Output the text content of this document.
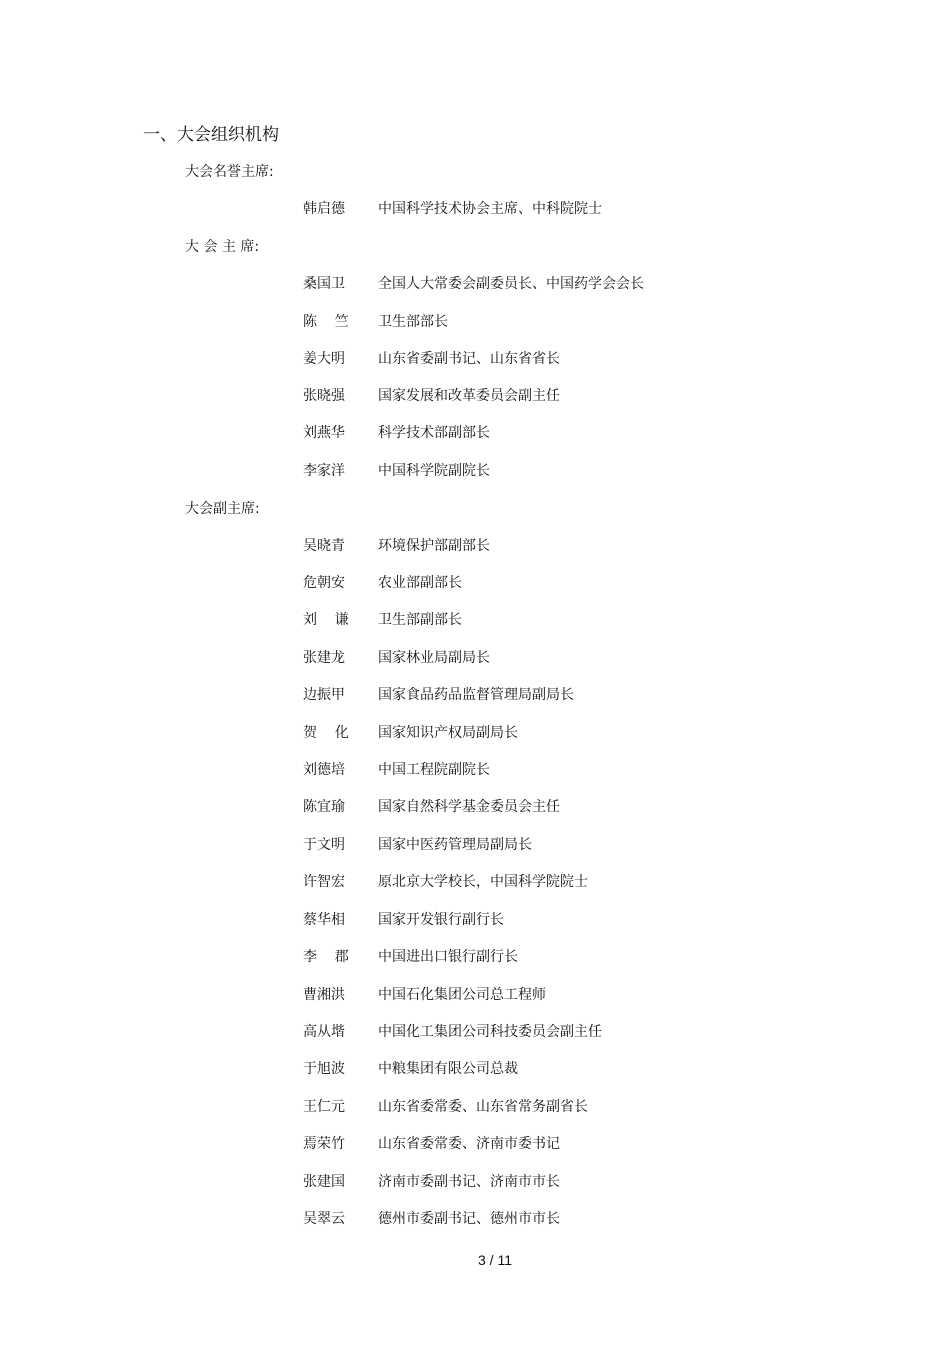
一、大会组织机构
大会名誉主席:
韩启德	中国科学技术协会主席、中科院院士
大 会 主 席:
桑国卫	全国人大常委会副委员长、中国药学会会长
陈    竺	卫生部部长
姜大明	山东省委副书记、山东省省长
张晓强	国家发展和改革委员会副主任
刘燕华	科学技术部副部长
李家洋	中国科学院副院长
大会副主席:
吴晓青	环境保护部副部长
危朝安	农业部副部长
刘    谦	卫生部副部长
张建龙	国家林业局副局长
边振甲	国家食品药品监督管理局副局长
贺    化	国家知识产权局副局长
刘德培	中国工程院副院长
陈宜瑜	国家自然科学基金委员会主任
于文明	国家中医药管理局副局长
许智宏	原北京大学校长，中国科学院院士
蔡华相	国家开发银行副行长
李    郡	中国进出口银行副行长
曹湘洪	中国石化集团公司总工程师
高从堦	中国化工集团公司科技委员会副主任
于旭波	中粮集团有限公司总裁
王仁元	山东省委常委、山东省常务副省长
焉荣竹	山东省委常委、济南市委书记
张建国	济南市委副书记、济南市市长
吴翠云	德州市委副书记、德州市市长
3 / 11
